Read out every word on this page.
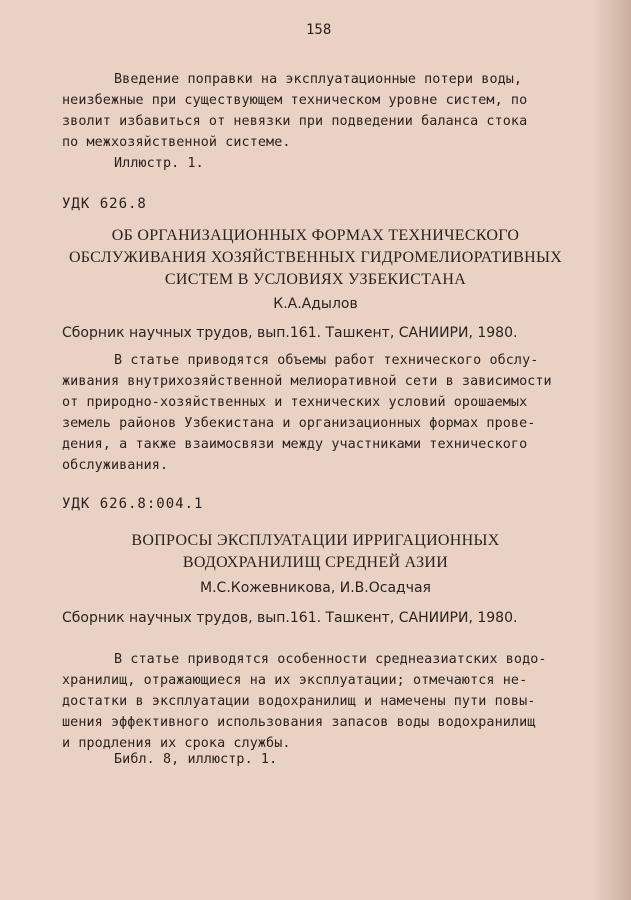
158
Введение поправки на эксплуатационные потери воды,
неизбежные при существующем техническом уровне систем, по
зволит избавиться от невязки при подведении баланса стока
по межхозяйственной системе.
Иллюстр. 1.
УДК 626.8
ОБ ОРГАНИЗАЦИОННЫХ ФОРМАХ ТЕХНИЧЕСКОГО
ОБСЛУЖИВАНИЯ ХОЗЯЙСТВЕННЫХ ГИДРОМЕЛИОРАТИВНЫХ
СИСТЕМ В УСЛОВИЯХ УЗБЕКИСТАНА
К.А.Адылов
Сборник научных трудов, вып.161. Ташкент, САНИИРИ, 1980.
В статье приводятся объемы работ технического обслу-
живания внутрихозяйственной мелиоративной сети в зависимости
от природно-хозяйственных и технических условий орошаемых
земель районов Узбекистана и организационных формах прове-
дения, а также взаимосвязи между участниками технического
обслуживания.
УДК 626.8:004.1
ВОПРОСЫ ЭКСПЛУАТАЦИИ ИРРИГАЦИОННЫХ
ВОДОХРАНИЛИЩ СРЕДНЕЙ АЗИИ
М.С.Кожевникова, И.В.Осадчая
Сборник научных трудов, вып.161. Ташкент, САНИИРИ, 1980.
В статье приводятся особенности среднеазиатских водо-
хранилищ, отражающиеся на их эксплуатации; отмечаются не-
достатки в эксплуатации водохранилищ и намечены пути повы-
шения эффективного использования запасов воды водохранилищ
и продления их срока службы.
Библ. 8, иллюстр. 1.
